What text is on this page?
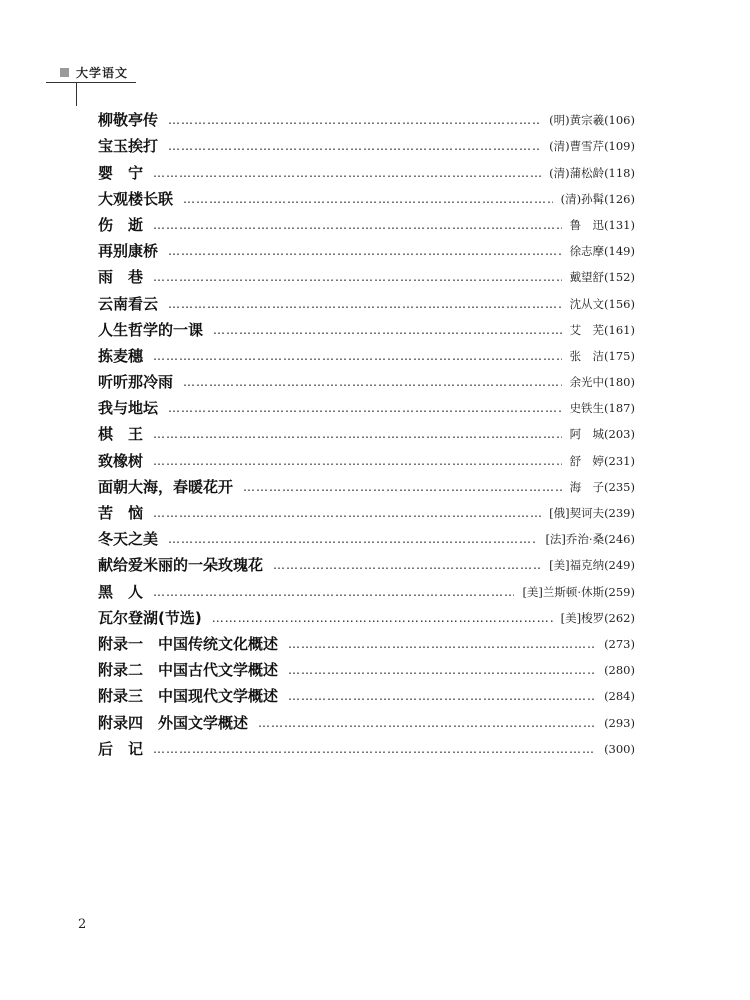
大学语文
柳敬亭传 …………………………………………………………………………………………………………………………………………	(明)黄宗羲(106)
宝玉挨打 …………………………………………………………………………………………………………………………………………	(清)曹雪芹(109)
婴　宁 …………………………………………………………………………………………………………………………………………	(清)蒲松龄(118)
大观楼长联 …………………………………………………………………………………………………………………………………………	(清)孙髯(126)
伤　逝 …………………………………………………………………………………………………………………………………………	鲁　迅(131)
再别康桥 …………………………………………………………………………………………………………………………………………	徐志摩(149)
雨　巷 …………………………………………………………………………………………………………………………………………	戴望舒(152)
云南看云 …………………………………………………………………………………………………………………………………………	沈从文(156)
人生哲学的一课 …………………………………………………………………………………………………………………………………………	艾　芜(161)
拣麦穗 …………………………………………………………………………………………………………………………………………	张　洁(175)
听听那冷雨 …………………………………………………………………………………………………………………………………………	余光中(180)
我与地坛 …………………………………………………………………………………………………………………………………………	史铁生(187)
棋　王 …………………………………………………………………………………………………………………………………………	阿　城(203)
致橡树 …………………………………………………………………………………………………………………………………………	舒　婷(231)
面朝大海，春暖花开 …………………………………………………………………………………………………………………………………………	海　子(235)
苦　恼 …………………………………………………………………………………………………………………………………………	[俄]契诃夫(239)
冬天之美 …………………………………………………………………………………………………………………………………………	[法]乔治·桑(246)
献给爱米丽的一朵玫瑰花 …………………………………………………………………………………………………………………………………………	[美]福克纳(249)
黑　人 …………………………………………………………………………………………………………………………………………	[美]兰斯顿·休斯(259)
瓦尔登湖(节选) …………………………………………………………………………………………………………………………………………	[美]梭罗(262)
附录一　中国传统文化概述 …………………………………………………………………………………………………………………………………………	(273)
附录二　中国古代文学概述 …………………………………………………………………………………………………………………………………………	(280)
附录三　中国现代文学概述 …………………………………………………………………………………………………………………………………………	(284)
附录四　外国文学概述 …………………………………………………………………………………………………………………………………………	(293)
后　记 …………………………………………………………………………………………………………………………………………	(300)
2
